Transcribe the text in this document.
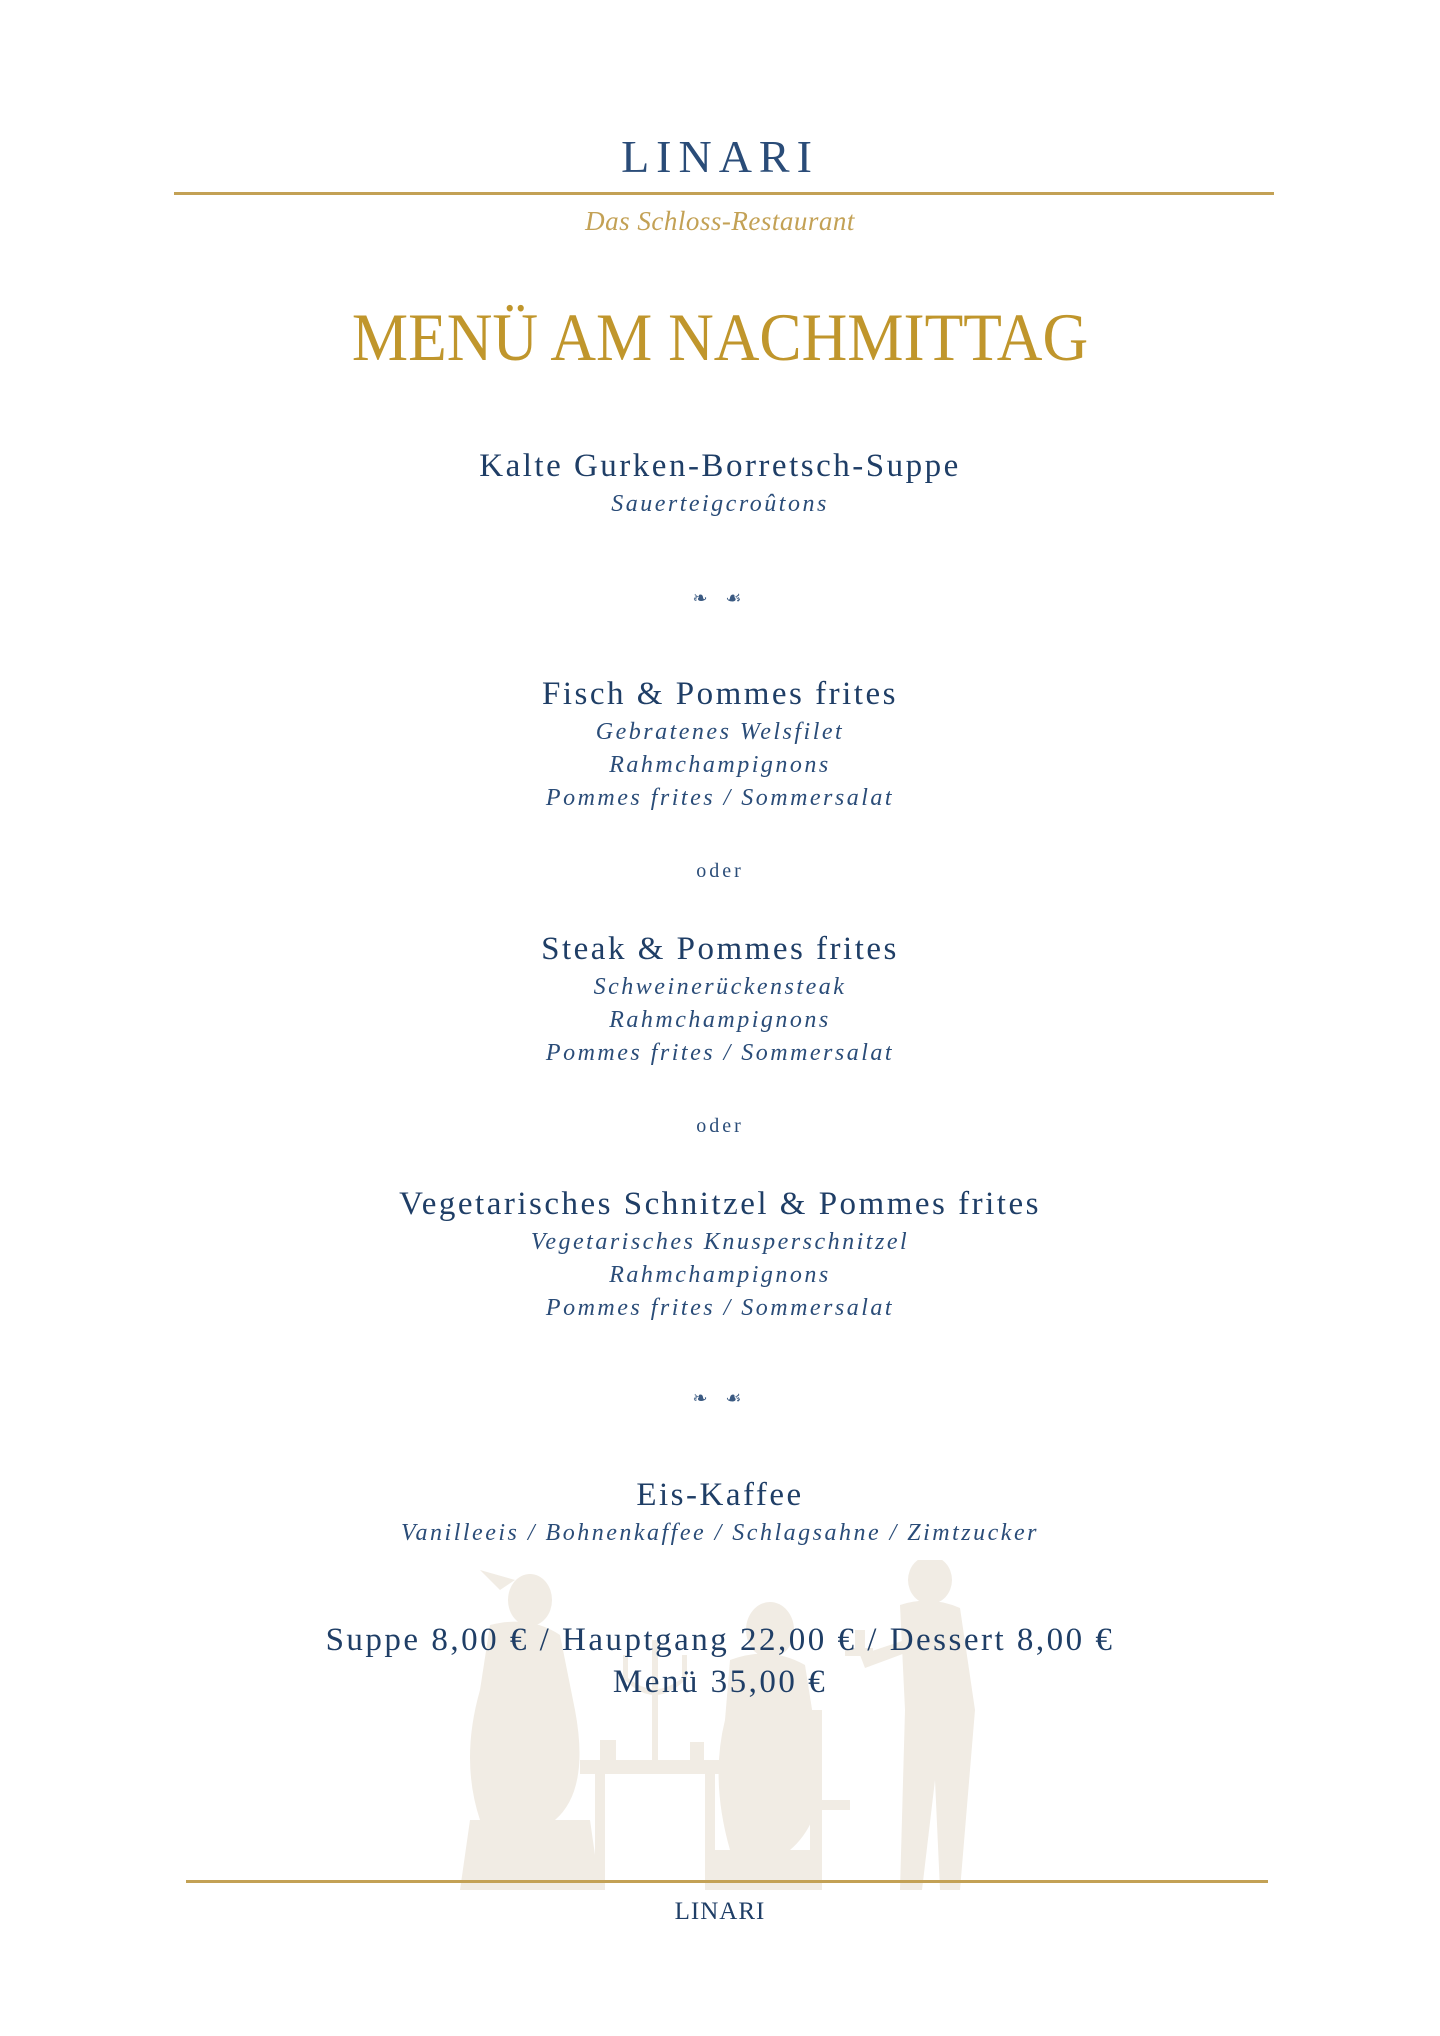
LINARI
Das Schloss-Restaurant
MENÜ AM NACHMITTAG
Kalte Gurken-Borretsch-Suppe
Sauerteigcroûtons
❧ ☙
Fisch & Pommes frites
Gebratenes Welsfilet
Rahmchampignons
Pommes frites / Sommersalat
oder
Steak & Pommes frites
Schweinerückensteak
Rahmchampignons
Pommes frites / Sommersalat
oder
Vegetarisches Schnitzel & Pommes frites
Vegetarisches Knusperschnitzel
Rahmchampignons
Pommes frites / Sommersalat
❧ ☙
Eis-Kaffee
Vanilleeis / Bohnenkaffee / Schlagsahne / Zimtzucker
Suppe 8,00 € / Hauptgang 22,00 € / Dessert 8,00 €
Menü 35,00 €
LINARI
